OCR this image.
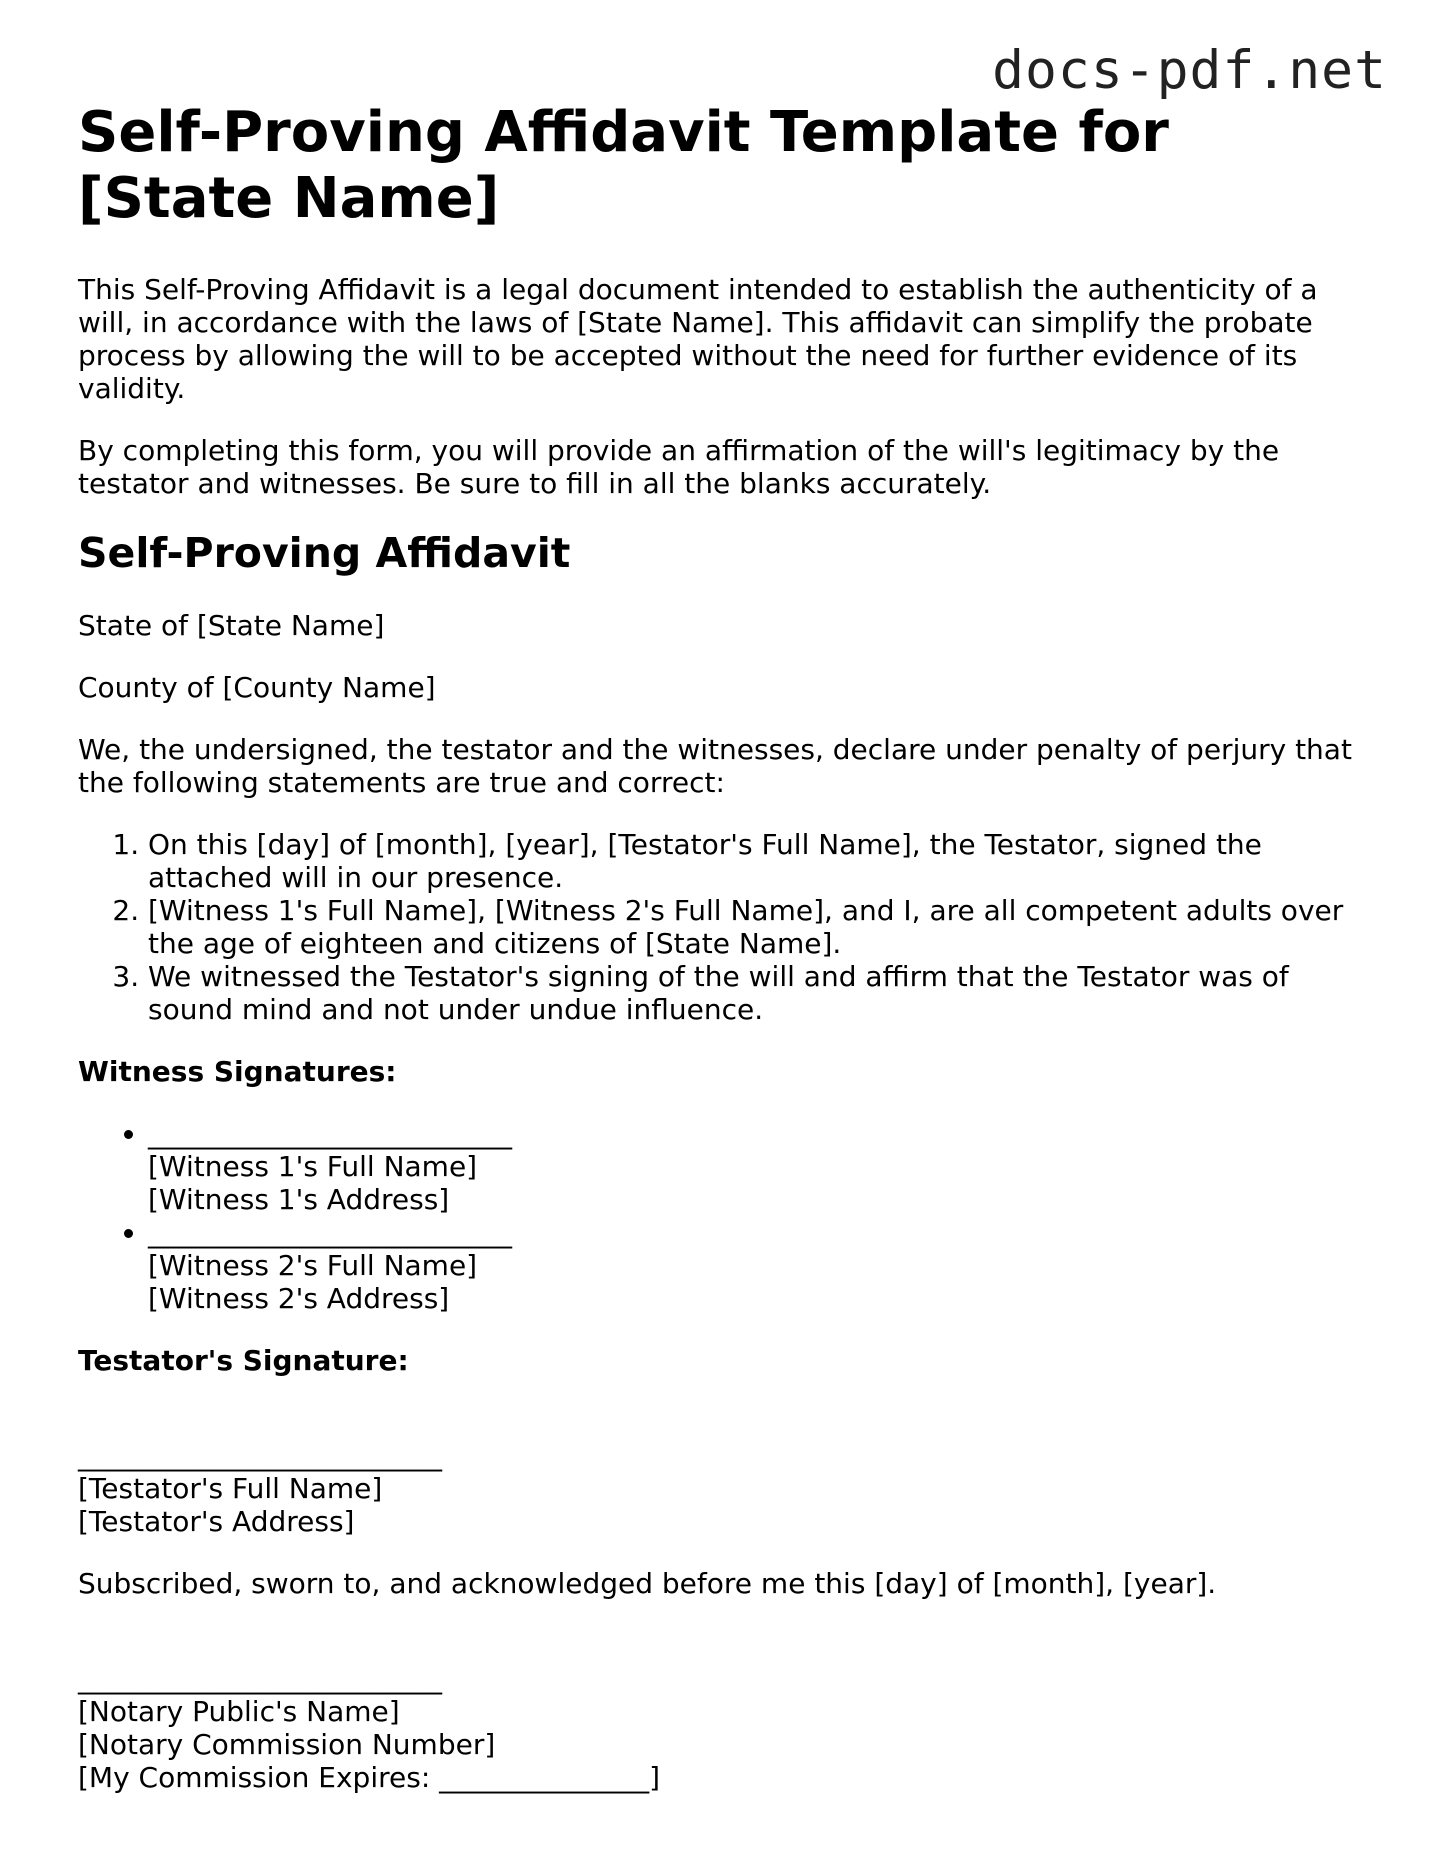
docs-pdf.net
Self-Proving Affidavit Template for [State Name]

This Self-Proving Affidavit is a legal document intended to establish the authenticity of a will, in accordance with the laws of [State Name]. This affidavit can simplify the probate process by allowing the will to be accepted without the need for further evidence of its validity.

By completing this form, you will provide an affirmation of the will's legitimacy by the testator and witnesses. Be sure to fill in all the blanks accurately.

Self-Proving Affidavit

State of [State Name]

County of [County Name]

We, the undersigned, the testator and the witnesses, declare under penalty of perjury that the following statements are true and correct:

1. On this [day] of [month], [year], [Testator's Full Name], the Testator, signed the attached will in our presence.
2. [Witness 1's Full Name], [Witness 2's Full Name], and I, are all competent adults over the age of eighteen and citizens of [State Name].
3. We witnessed the Testator's signing of the will and affirm that the Testator was of sound mind and not under undue influence.

Witness Signatures:

• __________________________
[Witness 1's Full Name]
[Witness 1's Address]
• __________________________
[Witness 2's Full Name]
[Witness 2's Address]

Testator's Signature:

__________________________
[Testator's Full Name]
[Testator's Address]

Subscribed, sworn to, and acknowledged before me this [day] of [month], [year].

__________________________
[Notary Public's Name]
[Notary Commission Number]
[My Commission Expires: _______________]
